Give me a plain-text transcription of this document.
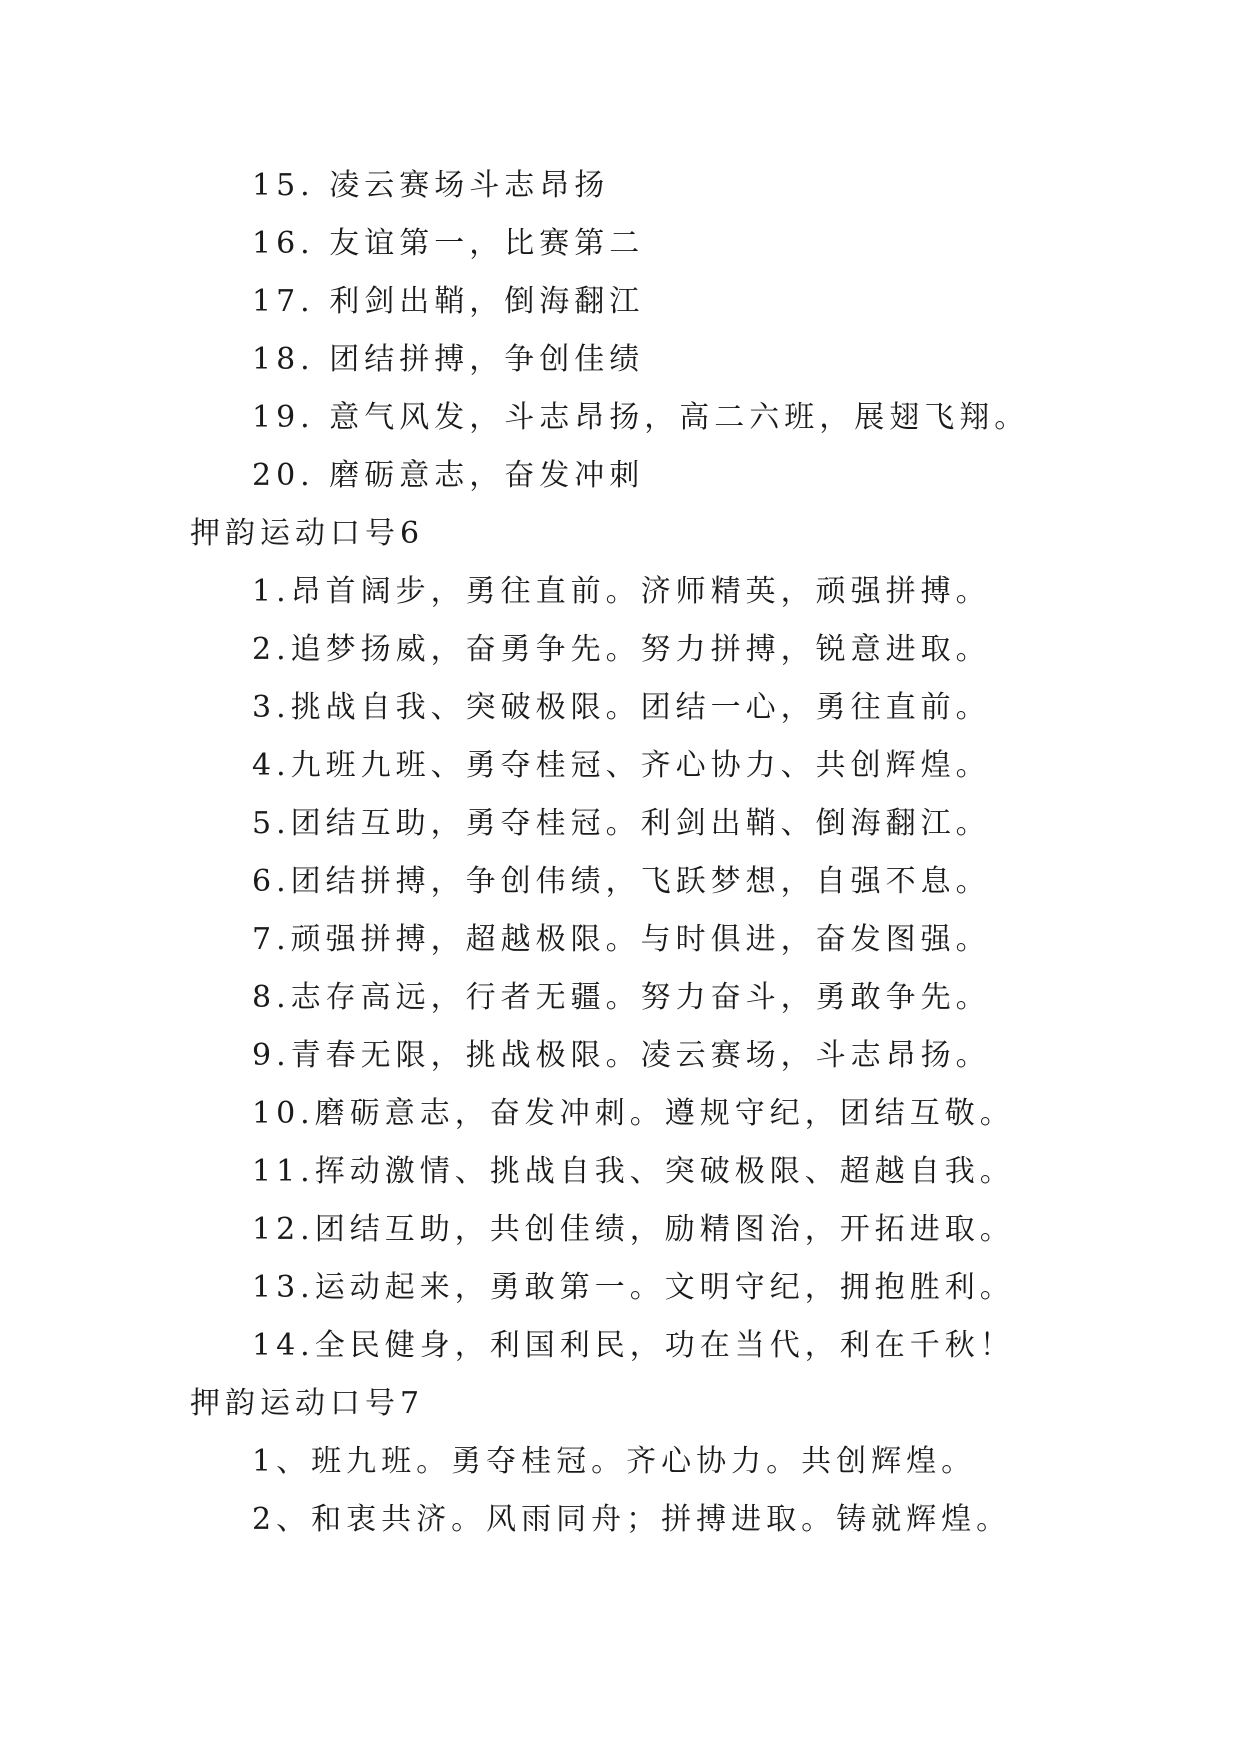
15. 凌云赛场斗志昂扬
16. 友谊第一，比赛第二
17. 利剑出鞘，倒海翻江
18. 团结拼搏，争创佳绩
19. 意气风发，斗志昂扬，高二六班，展翅飞翔。
20. 磨砺意志，奋发冲刺
押韵运动口号6
1.昂首阔步，勇往直前。济师精英，顽强拼搏。
2.追梦扬威，奋勇争先。努力拼搏，锐意进取。
3.挑战自我、突破极限。团结一心，勇往直前。
4.九班九班、勇夺桂冠、齐心协力、共创辉煌。
5.团结互助，勇夺桂冠。利剑出鞘、倒海翻江。
6.团结拼搏，争创伟绩，飞跃梦想，自强不息。
7.顽强拼搏，超越极限。与时俱进，奋发图强。
8.志存高远，行者无疆。努力奋斗，勇敢争先。
9.青春无限，挑战极限。凌云赛场，斗志昂扬。
10.磨砺意志，奋发冲刺。遵规守纪，团结互敬。
11.挥动激情、挑战自我、突破极限、超越自我。
12.团结互助，共创佳绩，励精图治，开拓进取。
13.运动起来，勇敢第一。文明守纪，拥抱胜利。
14.全民健身，利国利民，功在当代，利在千秋！
押韵运动口号7
1、班九班。勇夺桂冠。齐心协力。共创辉煌。
2、和衷共济。风雨同舟；拼搏进取。铸就辉煌。
